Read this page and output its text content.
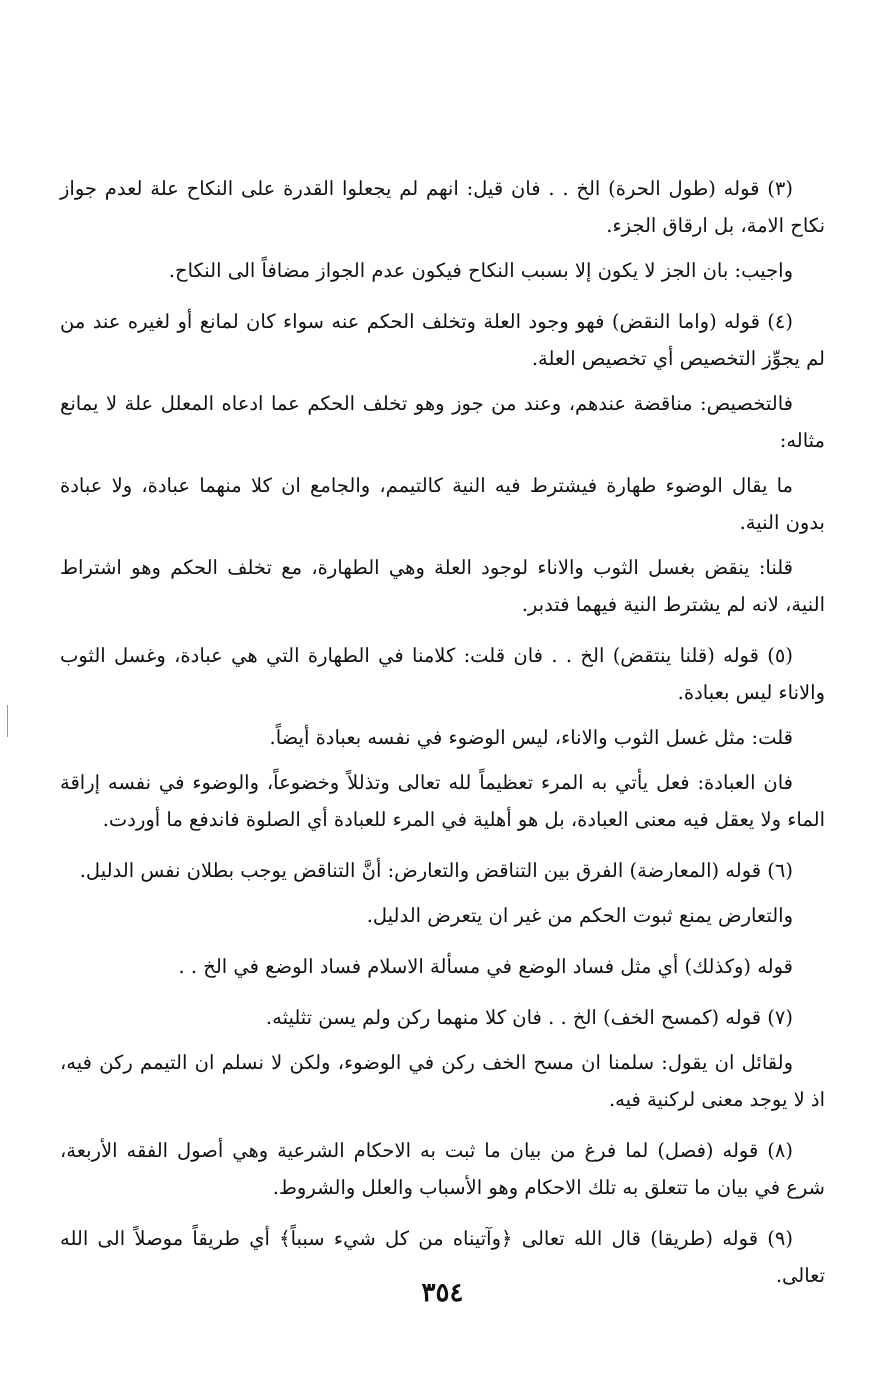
(٣) قوله (طول الحرة) الخ . . فان قيل: انهم لم يجعلوا القدرة على النكاح علة لعدم جواز نكاح الامة، بل ارقاق الجزء.

واجيب: بان الجز لا يكون إلا بسبب النكاح فيكون عدم الجواز مضافاً الى النكاح.

(٤) قوله (واما النقض) فهو وجود العلة وتخلف الحكم عنه سواء كان لمانع أو لغيره عند من لم يجوِّز التخصيص أي تخصيص العلة.

فالتخصيص: مناقضة عندهم، وعند من جوز وهو تخلف الحكم عما ادعاه المعلل علة لا يمانع مثاله:

ما يقال الوضوء طهارة فيشترط فيه النية كالتيمم، والجامع ان كلا منهما عبادة، ولا عبادة بدون النية.

قلنا: ينقض بغسل الثوب والاناء لوجود العلة وهي الطهارة، مع تخلف الحكم وهو اشتراط النية، لانه لم يشترط النية فيهما فتدبر.

(٥) قوله (قلنا ينتقض) الخ . . فان قلت: كلامنا في الطهارة التي هي عبادة، وغسل الثوب والاناء ليس بعبادة.

قلت: مثل غسل الثوب والاناء، ليس الوضوء في نفسه بعبادة أيضاً.

فان العبادة: فعل يأتي به المرء تعظيماً لله تعالى وتذللاً وخضوعاً، والوضوء في نفسه إراقة الماء ولا يعقل فيه معنى العبادة، بل هو أهلية في المرء للعبادة أي الصلوة فاندفع ما أوردت.

(٦) قوله (المعارضة) الفرق بين التناقض والتعارض: أنَّ التناقض يوجب بطلان نفس الدليل.

والتعارض يمنع ثبوت الحكم من غير ان يتعرض الدليل.

قوله (وكذلك) أي مثل فساد الوضع في مسألة الاسلام فساد الوضع في الخ . .

(٧) قوله (كمسح الخف) الخ . . فان كلا منهما ركن ولم يسن تثليثه.

ولقائل ان يقول: سلمنا ان مسح الخف ركن في الوضوء، ولكن لا نسلم ان التيمم ركن فيه، اذ لا يوجد معنى لركنية فيه.

(٨) قوله (فصل) لما فرغ من بيان ما ثبت به الاحكام الشرعية وهي أصول الفقه الأربعة، شرع في بيان ما تتعلق به تلك الاحكام وهو الأسباب والعلل والشروط.

(٩) قوله (طريقا) قال الله تعالى ﴿وآتيناه من كل شيء سبباً﴾ أي طريقاً موصلاً الى الله تعالى.

٣٥٤
